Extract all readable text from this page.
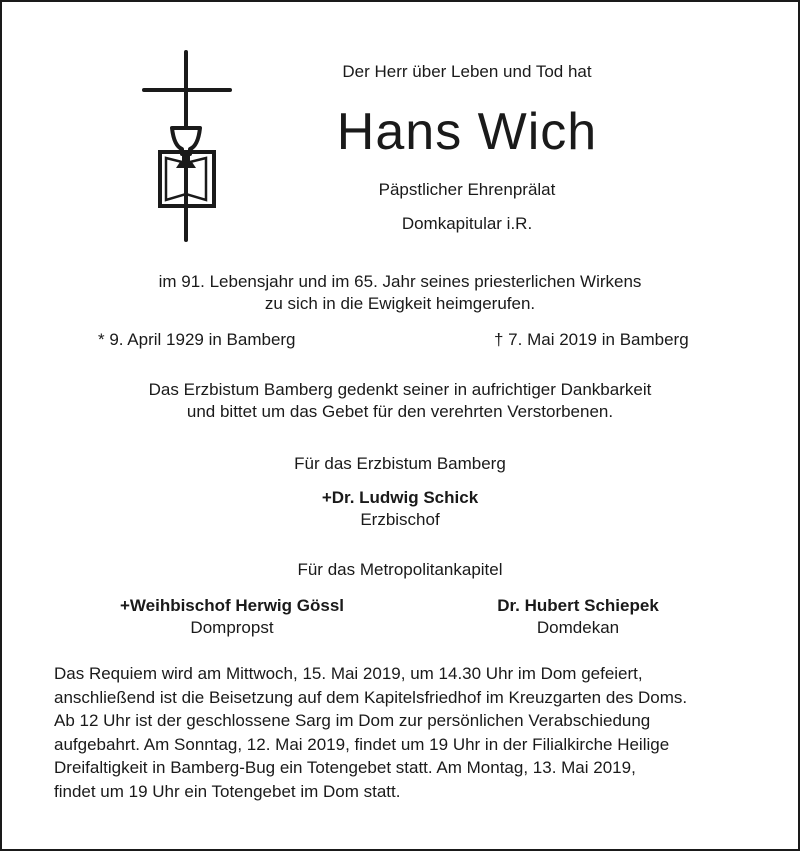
Der Herr über Leben und Tod hat
Hans Wich
Päpstlicher Ehrenprälat
Domkapitular i.R.
im 91. Lebensjahr und im 65. Jahr seines priesterlichen Wirkens
zu sich in die Ewigkeit heimgerufen.
* 9. April 1929 in Bamberg	† 7. Mai 2019 in Bamberg
Das Erzbistum Bamberg gedenkt seiner in aufrichtiger Dankbarkeit
und bittet um das Gebet für den verehrten Verstorbenen.
Für das Erzbistum Bamberg
+Dr. Ludwig Schick
Erzbischof
Für das Metropolitankapitel
+Weihbischof Herwig Gössl
Dompropst
Dr. Hubert Schiepek
Domdekan
Das Requiem wird am Mittwoch, 15. Mai 2019, um 14.30 Uhr im Dom gefeiert,
anschließend ist die Beisetzung auf dem Kapitelsfriedhof im Kreuzgarten des Doms.
Ab 12 Uhr ist der geschlossene Sarg im Dom zur persönlichen Verabschiedung
aufgebahrt. Am Sonntag, 12. Mai 2019, findet um 19 Uhr in der Filialkirche Heilige
Dreifaltigkeit in Bamberg-Bug ein Totengebet statt. Am Montag, 13. Mai 2019,
findet um 19 Uhr ein Totengebet im Dom statt.
